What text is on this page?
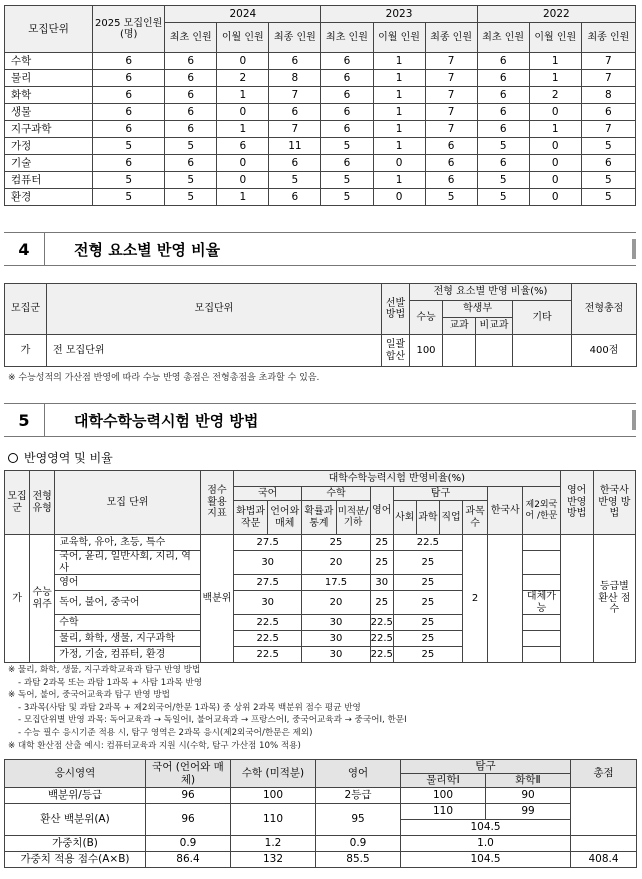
모집단위	2025 모집인원 (명)	2024			2023			2022		
		최초 인원	이월 인원	최종 인원	최초 인원	이월 인원	최종 인원	최초 인원	이월 인원	최종 인원
수학	6	6	0	6	6	1	7	6	1	7
물리	6	6	2	8	6	1	7	6	1	7
화학	6	6	1	7	6	1	7	6	2	8
생물	6	6	0	6	6	1	7	6	0	6
지구과학	6	6	1	7	6	1	7	6	1	7
가정	5	5	6	11	5	1	6	5	0	5
기술	6	6	0	6	6	0	6	6	0	6
컴퓨터	5	5	0	5	5	1	6	5	0	5
환경	5	5	1	6	5	0	5	5	0	5
4	전형 요소별 반영 비율
모집군	모집단위	선발 방법	전형 요소별 반영 비율(%)				전형총점
			수능	학생부		기타	
				교과	비교과		
가	전 모집단위	일괄 합산	100				400점
※ 수능성적의 가산점 반영에 따라 수능 반영 총점은 전형총점을 초과할 수 있음.
5	대학수학능력시험 반영 방법
반영영역 및 비율
모집 군	전형 유형	모집 단위	점수 활용 지표	대학수학능력시험 반영비율(%)											영어 반영 방법	한국사 반영 방법
				국어		수학		영어	탐구				한국사	제2외국어 /한문		
				화법과 작문	언어와 매체	확률과 통계	미적분/ 기하		사회	과학	직업	과목 수				
가	수능 위주	교육학, 유아, 초등, 특수	백분위	27.5		25		25	22.5			2				등급별 환산 점수
		국어, 윤리, 일반사회, 지리, 역사		30		20		25	25							
		영어		27.5		17.5		30	25							
		독어, 불어, 중국어		30		20		25	25					대체가능		
		수학		22.5		30		22.5	25							
		물리, 화학, 생물, 지구과학		22.5		30		22.5	25							
		가정, 기술, 컴퓨터, 환경		22.5		30		22.5	25							
※ 물리, 화학, 생물, 지구과학교육과 탐구 반영 방법
- 과탐 2과목 또는 과탐 1과목 + 사탐 1과목 반영
※ 독어, 불어, 중국어교육과 탐구 반영 방법
- 3과목(사탐 및 과탐 2과목 + 제2외국어/한문 1과목) 중 상위 2과목 백분위 점수 평균 반영
- 모집단위별 반영 과목: 독어교육과 → 독일어Ⅰ, 불어교육과 → 프랑스어Ⅰ, 중국어교육과 → 중국어Ⅰ, 한문Ⅰ
- 수능 필수 응시기준 적용 시, 탐구 영역은 2과목 응시(제2외국어/한문은 제외)
※ 대학 환산점 산출 예시: 컴퓨터교육과 지원 시(수학, 탐구 가산점 10% 적용)
응시영역	국어 (언어와 매체)	수학 (미적분)	영어	탐구		총점
				물리학Ⅰ	화학Ⅱ	
백분위/등급	96	100	2등급	100	90	
환산 백분위(A)	96	110	95	110	99	
				104.5		
가중치(B)	0.9	1.2	0.9	1.0		
가중치 적용 점수(A×B)	86.4	132	85.5	104.5		408.4
